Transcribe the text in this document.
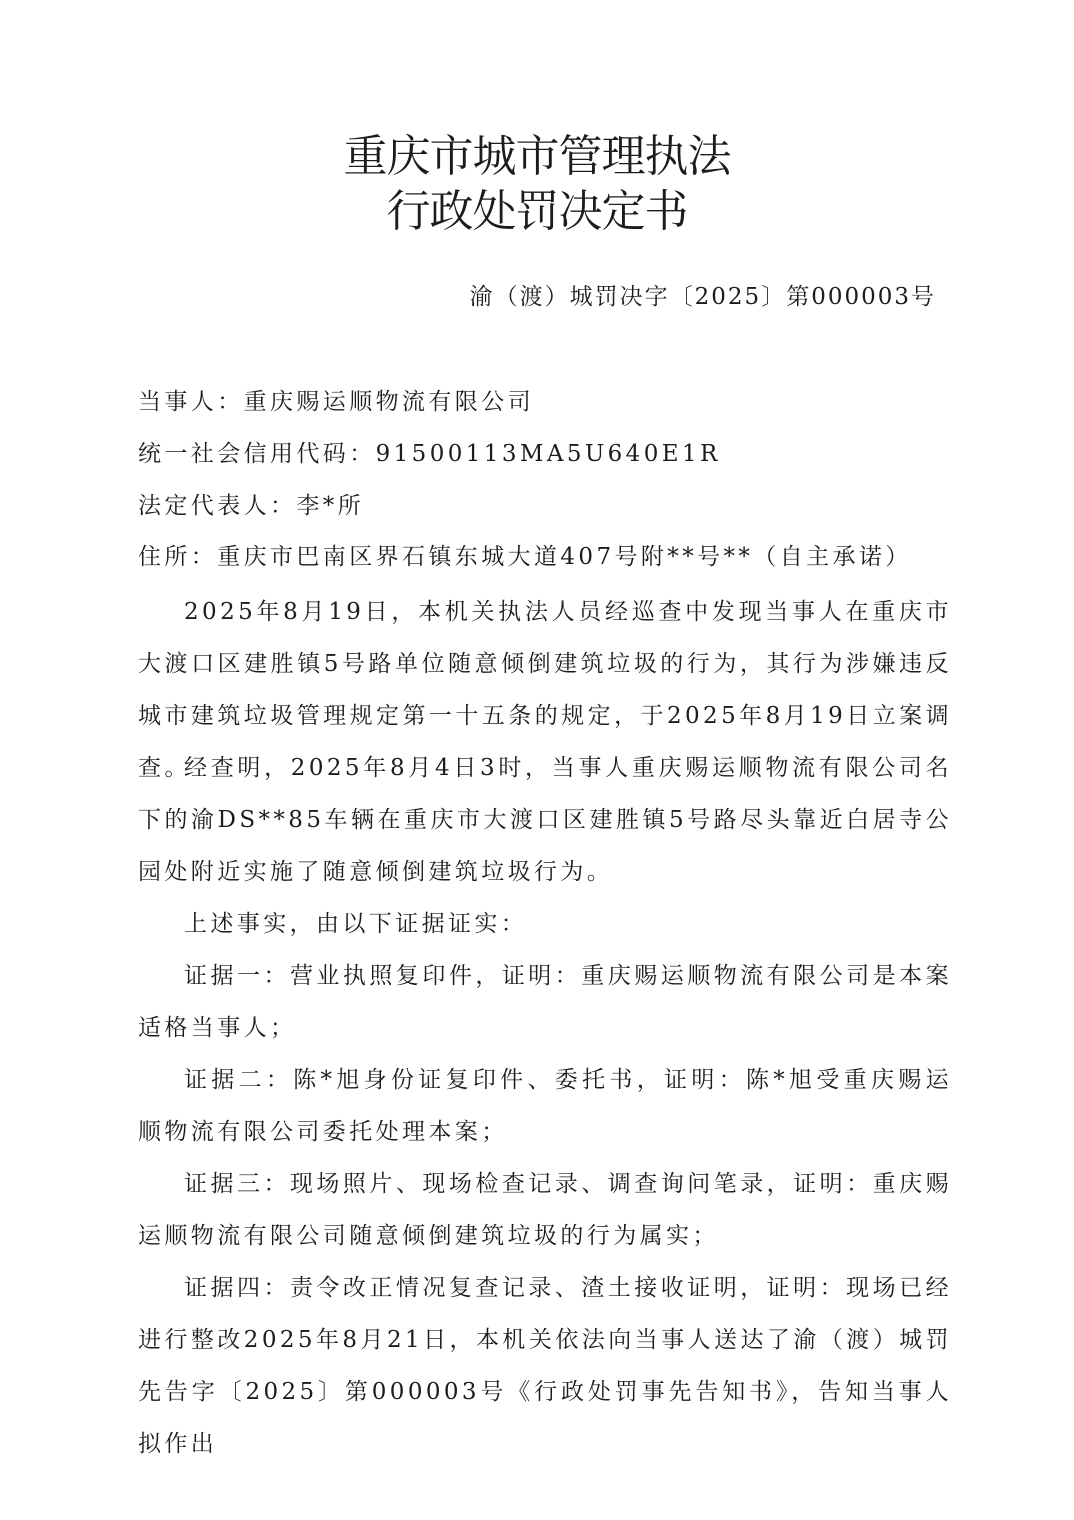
重庆市城市管理执法
行政处罚决定书
渝（渡）城罚决字〔2025〕第000003号
当事人：重庆赐运顺物流有限公司
统一社会信用代码：91500113MA5U640E1R
法定代表人：李*所
住所：重庆市巴南区界石镇东城大道407号附**号**（自主承诺）

2025年8月19日，本机关执法人员经巡查中发现当事人在重庆市大渡口区建胜镇5号路单位随意倾倒建筑垃圾的行为，其行为涉嫌违反城市建筑垃圾管理规定第一十五条的规定，于2025年8月19日立案调查。

经查明，2025年8月4日3时，当事人重庆赐运顺物流有限公司名下的渝DS**85车辆在重庆市大渡口区建胜镇5号路尽头靠近白居寺公园处附近实施了随意倾倒建筑垃圾行为。

上述事实，由以下证据证实：

证据一：营业执照复印件，证明：重庆赐运顺物流有限公司是本案适格当事人；

证据二：陈*旭身份证复印件、委托书，证明：陈*旭受重庆赐运顺物流有限公司委托处理本案；

证据三：现场照片、现场检查记录、调查询问笔录，证明：重庆赐运顺物流有限公司随意倾倒建筑垃圾的行为属实；

证据四：责令改正情况复查记录、渣土接收证明，证明：现场已经进行整改2025年8月21日，本机关依法向当事人送达了渝（渡）城罚先告字〔2025〕第000003号《行政处罚事先告知书》，告知当事人拟作出
